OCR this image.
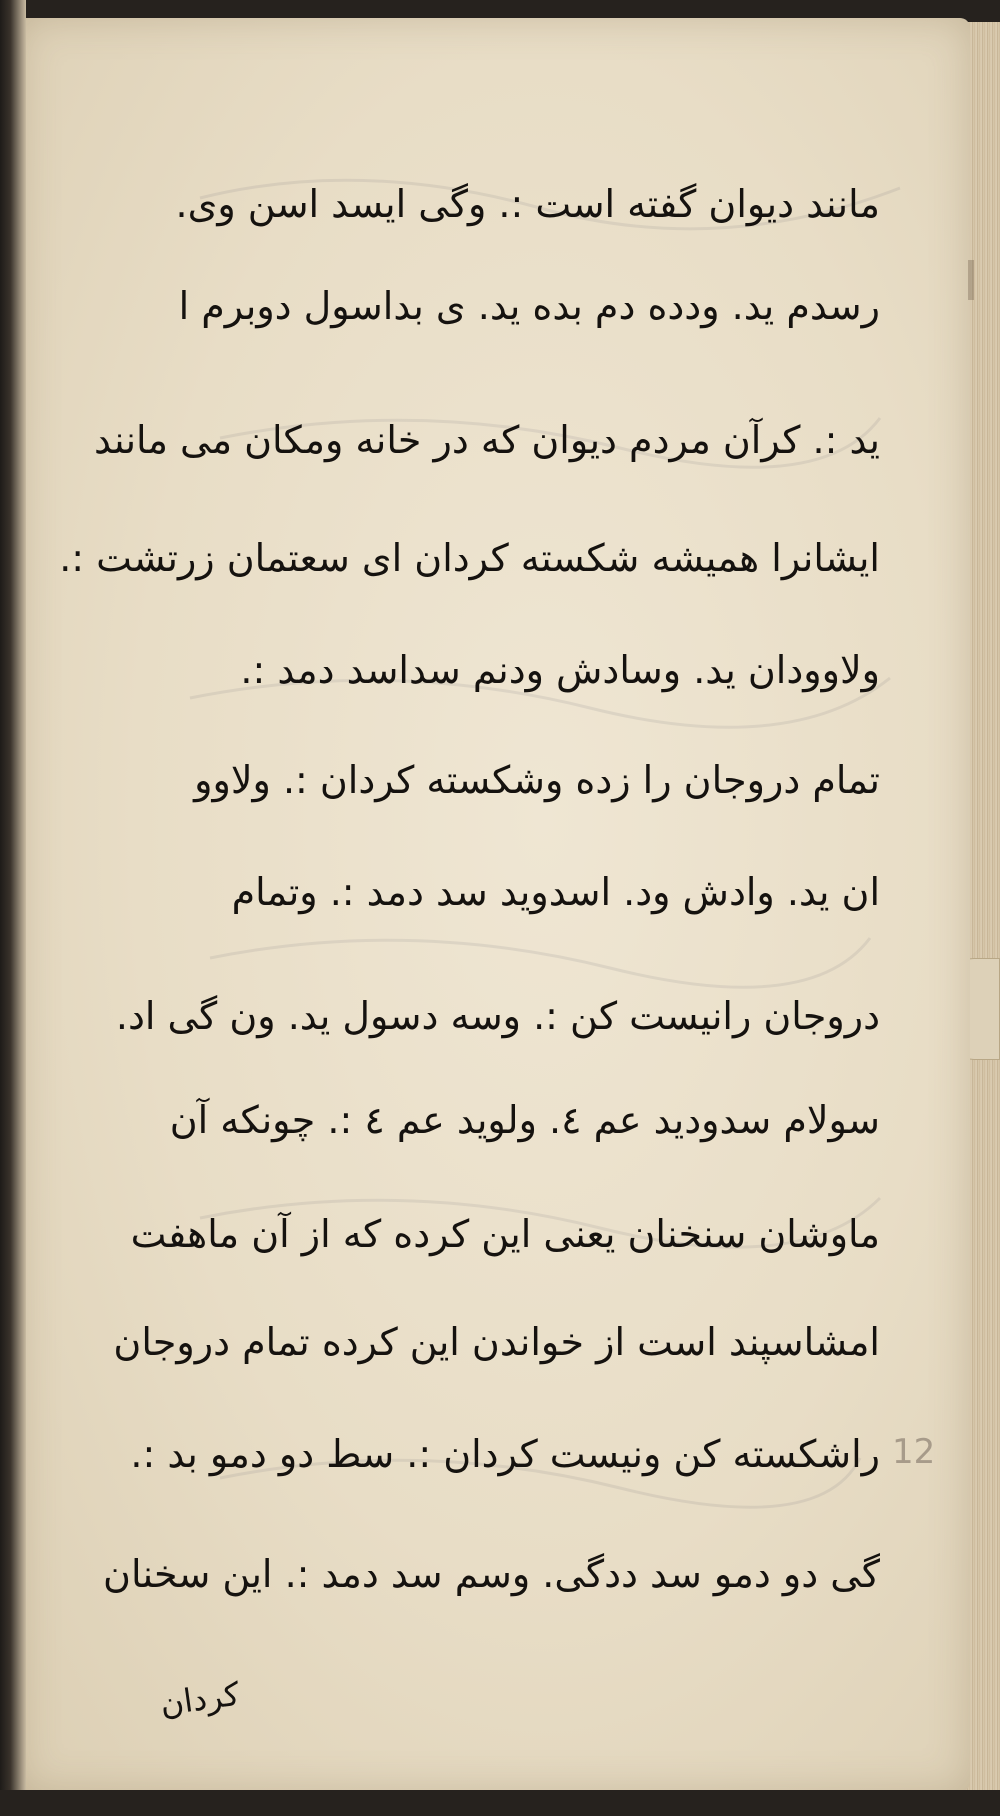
مانند دیوان گفته است :. وگی ایسد اسن وی.
رسدم ید. ودده دم بده ید. ی بداسول دوبرم ا
ید :. کرآن مردم دیوان که در خانه ومکان می مانند
ایشانرا همیشه شکسته کردان ای سعتمان زرتشت :.
ولاوودان ید. وسادش ودنم سداسد دمد :.
تمام دروجان را زده وشکسته کردان :. ولاوو
ان ید. وادش ود. اسدوید سد دمد :. وتمام
دروجان رانیست کن :. وسه دسول ید. ون گی اد.
سولام سدودید عم ٤. ولوید عم ٤ :. چونکه آن
ماوشان سنخنان یعنی این کرده که از آن ماهفت
امشاسپند است از خواندن این کرده تمام دروجان
راشکسته کن ونیست کردان :. سط دو دمو بد :.
گی دو دمو سد ددگی. وسم سد دمد :. این سخنان
12
کردان
